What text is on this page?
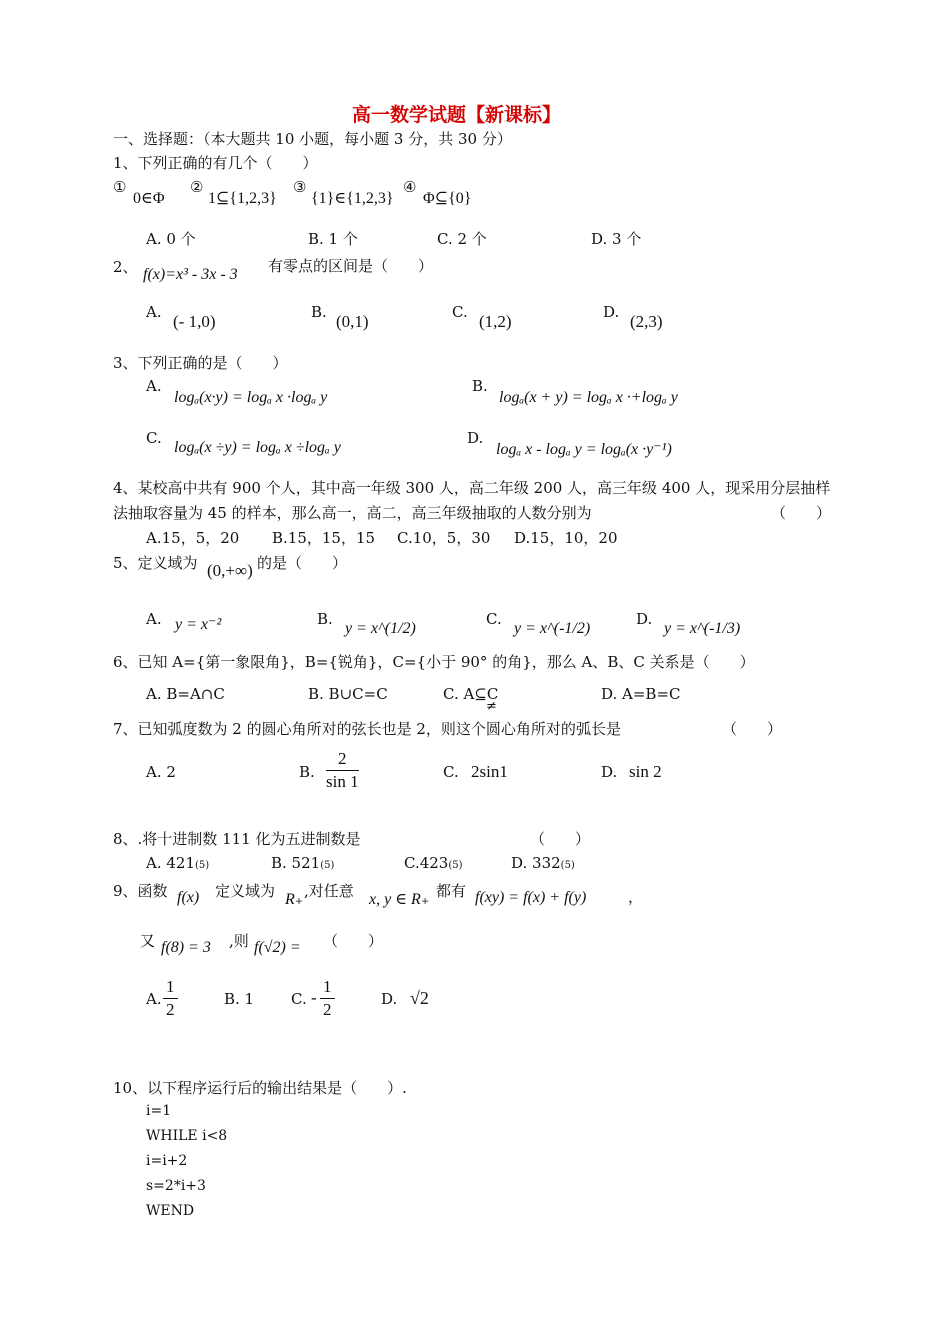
高一数学试题【新课标】
一、选择题：（本大题共 10 小题，每小题 3 分，共 30 分）
1、下列正确的有几个（　　）
①
0∈Φ
②
1⊆{1,2,3}
③
{1}∈{1,2,3}
④
Φ⊆{0}
A. 0 个	B. 1 个	C. 2 个	D. 3 个
2、 f(x)=x³ - 3x - 3 有零点的区间是（　　）
A. (- 1,0)	B. (0,1)	C. (1,2)	D. (2,3)
3、下列正确的是（　　）
A.
logₐ(x·y) = logₐ x ·logₐ y
B.
logₐ(x + y) = logₐ x ·+logₐ y
C.
logₐ(x ÷y) = logₐ x ÷logₐ y
D.
logₐ x - logₐ y = logₐ(x ·y⁻¹)
4、某校高中共有 900 个人，其中高一年级 300 人，高二年级 200 人，高三年级 400 人，现采用分层抽样
法抽取容量为 45 的样本，那么高一，高二，高三年级抽取的人数分别为	（　　）
A.15，5，20 B.15，15，15 C.10，5，30 D.15，10，20
5、定义域为 (0,+∞) 的是（　　）
A. y = x⁻²	B.
y = x^(1/2)
C.
y = x^(-1/2)
D.
y = x^(-1/3)
6、已知 A={第一象限角}，B={锐角}，C={小于 90° 的角}，那么 A、B、C 关系是（　　）
A. B=A∩C	B. B∪C=C	C. A⊆C
≠
D. A=B=C
7、已知弧度数为 2 的圆心角所对的弦长也是 2，则这个圆心角所对的弧长是	（　　）
A. 2	B. $\frac{2}{\sin 1}$	C. 2sin1	D. sin 2
8、.将十进制数 111 化为五进制数是	（　　）
A. 421(5)	B. 521(5)	C.423(5)	D. 332(5)
9、函数 f(x) 定义域为 R₊ ,对任意 x, y ∈ R₊ 都有 f(xy) = f(x) + f(y)	，
又 f(8) = 3 ,则 f(√2) = （　　）
A. $\frac{1}{2}$	B. 1 C. - $\frac{1}{2}$	D. √2
10、以下程序运行后的输出结果是（　　）.
i=1
WHILE i<8
i=i+2
s=2*i+3
WEND
